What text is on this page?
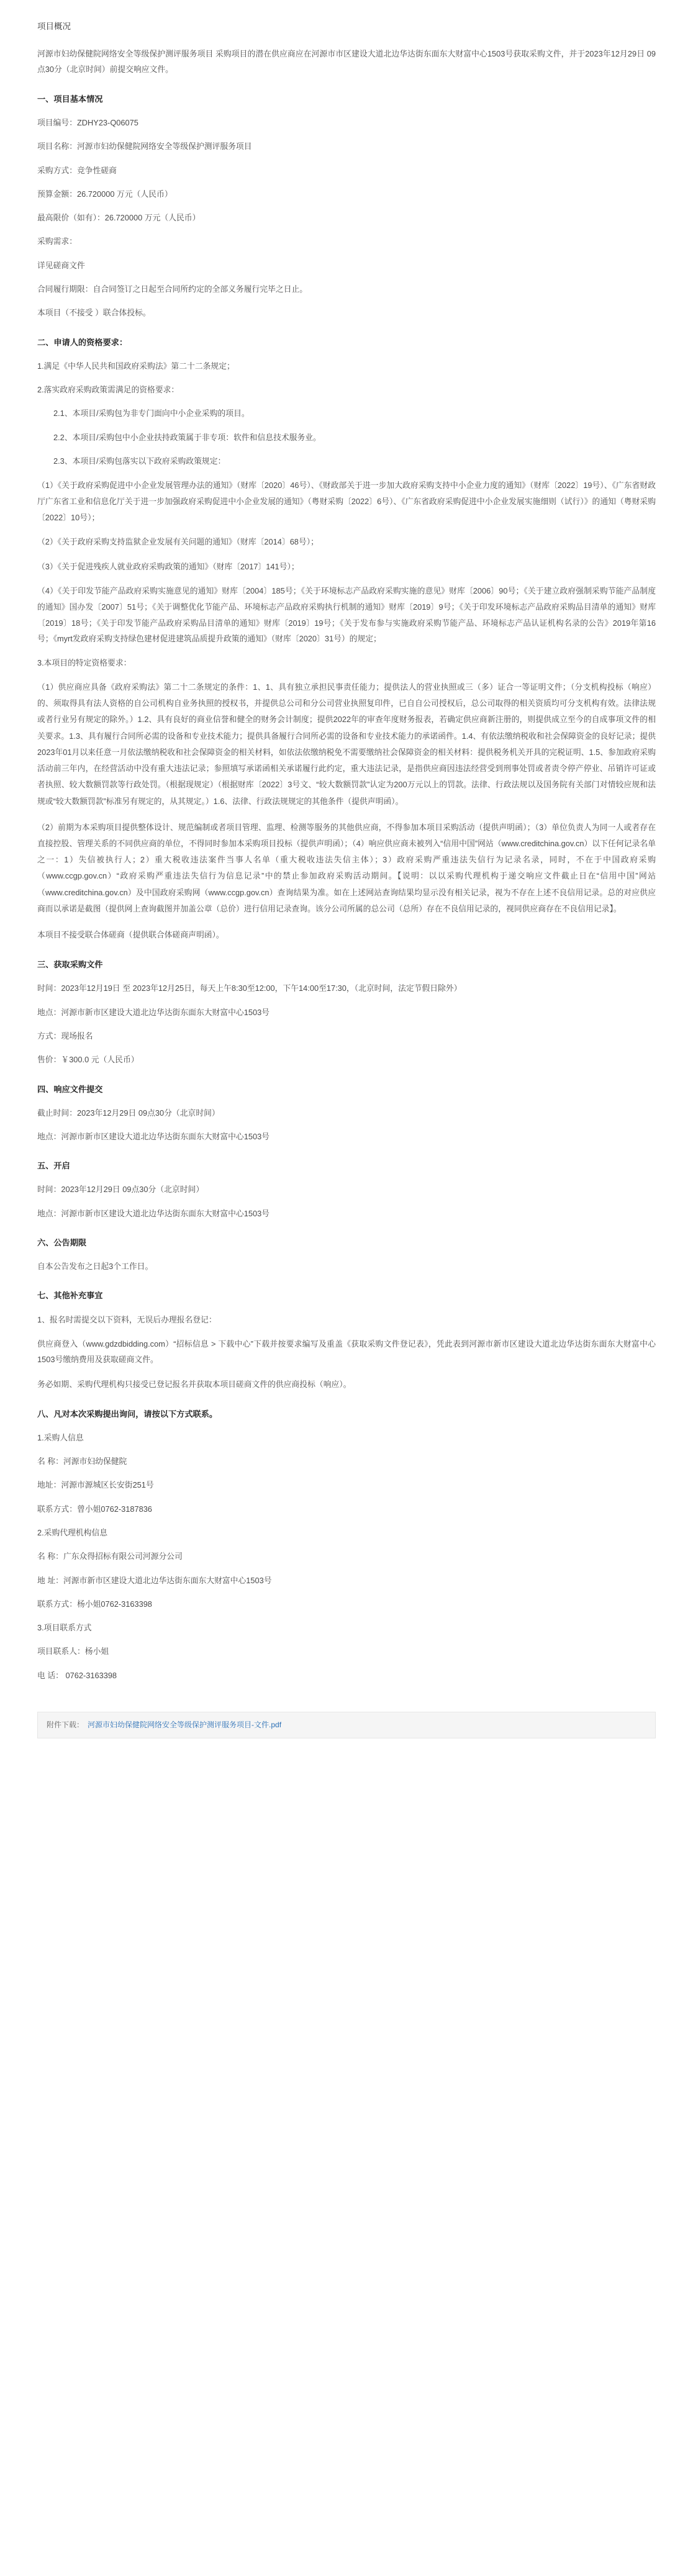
项目概况

河源市妇幼保健院网络安全等级保护测评服务项目 采购项目的潜在供应商应在河源市市区建设大道北边华达街东面东大财富中心1503号获取采购文件，并于2023年12月29日 09点30分（北京时间）前提交响应文件。

一、项目基本情况
项目编号：ZDHY23-Q06075
项目名称：河源市妇幼保健院网络安全等级保护测评服务项目
采购方式：竞争性磋商
预算金额：26.720000 万元（人民币）
最高限价（如有）：26.720000 万元（人民币）
采购需求：
详见磋商文件
合同履行期限：自合同签订之日起至合同所约定的全部义务履行完毕之日止。
本项目（不接受 ）联合体投标。
二、申请人的资格要求：
1.满足《中华人民共和国政府采购法》第二十二条规定；
2.落实政府采购政策需满足的资格要求：
2.1、本项目/采购包为非专门面向中小企业采购的项目。
2.2、本项目/采购包中小企业扶持政策属于非专项：软件和信息技术服务业。
2.3、本项目/采购包落实以下政府采购政策规定：
（1）《关于政府采购促进中小企业发展管理办法的通知》（财库〔2020〕46号）、《财政部关于进一步加大政府采购支持中小企业力度的通知》（财库〔2022〕19号）、《广东省财政厅广东省工业和信息化厅关于进一步加强政府采购促进中小企业发展的通知》（粤财采购〔2022〕6号）、《广东省政府采购促进中小企业发展实施细则（试行）》的通知（粤财采购〔2022〕10号）；
（2）《关于政府采购支持监狱企业发展有关问题的通知》（财库〔2014〕68号）；
（3）《关于促进残疾人就业政府采购政策的通知》（财库〔2017〕141号）；
（4）《关于印发节能产品政府采购实施意见的通知》财库〔2004〕185号；《关于环境标志产品政府采购实施的意见》财库〔2006〕90号；《关于建立政府强制采购节能产品制度的通知》国办发〔2007〕51号；《关于调整优化节能产品、环境标志产品政府采购执行机制的通知》财库〔2019〕9号；《关于印发环境标志产品政府采购品目清单的通知》财库〔2019〕18号；《关于印发节能产品政府采购品目清单的通知》财库〔2019〕19号；《关于发布参与实施政府采购节能产品、环境标志产品认证机构名录的公告》2019年第16号；《myrt发政府采购支持绿色建材促进建筑品质提升政策的通知》（财库〔2020〕31号）的规定；
3.本项目的特定资格要求：
（1）供应商应具备《政府采购法》第二十二条规定的条件：1、1、具有独立承担民事责任能力；提供法人的营业执照或三（多）证合一等证明文件；（分支机构投标（响应）的、须取得具有法人资格的自公司机构自业务执照的授权书，并提供总公司和分公司营业执照复印件，已自自公司授权后，总公司取得的相关资质均可分支机构有效。法律法规或者行业另有规定的除外。）1.2、具有良好的商业信誉和健全的财务会计制度；提供2022年的审查年度财务报表，若确定供应商新注册的，则提供成立至今的自成事项文件的相关要求。1.3、具有履行合同所必需的设备和专业技术能力；提供具备履行合同所必需的设备和专业技术能力的承诺函件。1.4、有依法缴纳税收和社会保障资金的良好记录；提供2023年01月以来任意一月依法缴纳税收和社会保障资金的相关材料，如依法依缴纳税免不需要缴纳社会保障资金的相关材料：提供税务机关开具的完税证明、1.5、参加政府采购活动前三年内，在经营活动中没有重大违法记录；参照填写承诺函相关承诺履行此约定，重大违法记录，是指供应商因违法经营受到刑事处罚或者责令停产停业、吊销许可证或者执照、较大数额罚款等行政处罚。（根据现规定）（根据财库〔2022〕3号文、“较大数额罚款”认定为200万元以上的罚款。法律、行政法规以及国务院有关部门对情较应规和法规或“较大数额罚款”标准另有规定的，从其规定。）1.6、法律、行政法规规定的其他条件（提供声明函）。
（2）前期为本采购项目提供整体设计、规范编制或者项目管理、监理、检测等服务的其他供应商，不得参加本项目采购活动（提供声明函）；（3）单位负责人为同一人或者存在直接控股、管理关系的不同供应商的单位，不得同时参加本采购项目投标（提供声明函）；（4）响应供应商未被列入“信用中国”网站（www.creditchina.gov.cn）以下任何记录名单之一：1）失信被执行人；2）重大税收违法案件当事人名单（重大税收违法失信主体）；3）政府采购严重违法失信行为记录名录，同时，不在于中国政府采购（www.ccgp.gov.cn）“政府采购严重违法失信行为信息记录”中的禁止参加政府采购活动期间。【说明：以以采购代理机构于递交响应文件截止日在“信用中国”网站（www.creditchina.gov.cn）及中国政府采购网（www.ccgp.gov.cn）查询结果为准。如在上述网站查询结果均显示没有相关记录，视为不存在上述不良信用记录。总的对应供应商而以承诺是截图（提供网上查询截图并加盖公章（总价）进行信用记录查询。该分公司所属的总公司（总所）存在不良信用记录的，视同供应商存在不良信用记录】。
本项目不接受联合体磋商（提供联合体磋商声明函）。
三、获取采购文件
时间：2023年12月19日 至 2023年12月25日，每天上午8:30至12:00，下午14:00至17:30，（北京时间，法定节假日除外）
地点：河源市新市区建设大道北边华达街东面东大财富中心1503号
方式：现场报名
售价：￥300.0 元（人民币）
四、响应文件提交
截止时间：2023年12月29日 09点30分（北京时间）
地点：河源市新市区建设大道北边华达街东面东大财富中心1503号
五、开启
时间：2023年12月29日 09点30分（北京时间）
地点：河源市新市区建设大道北边华达街东面东大财富中心1503号
六、公告期限
自本公告发布之日起3个工作日。
七、其他补充事宜
1、报名时需提交以下资料，无误后办理报名登记：
供应商登入（www.gdzdbidding.com）“招标信息 > 下载中心”下载并按要求编写及重盖《获取采购文件登记表》，凭此表到河源市新市区建设大道北边华达街东面东大财富中心1503号缴纳费用及获取磋商文件。
务必如期、采购代理机构只接受已登记报名并获取本项目磋商文件的供应商投标（响应）。
八、凡对本次采购提出询问，请按以下方式联系。
1.采购人信息
名 称：河源市妇幼保健院
地址：河源市源城区长安街251号
联系方式：曾小姐0762-3187836
2.采购代理机构信息
名 称：广东众得招标有限公司河源分公司
地 址：河源市新市区建设大道北边华达街东面东大财富中心1503号
联系方式：杨小姐0762-3163398
3.项目联系方式
项目联系人：杨小姐
电 话： 0762-3163398
附件下载： 河源市妇幼保健院网络安全等级保护测评服务项目-文件.pdf
